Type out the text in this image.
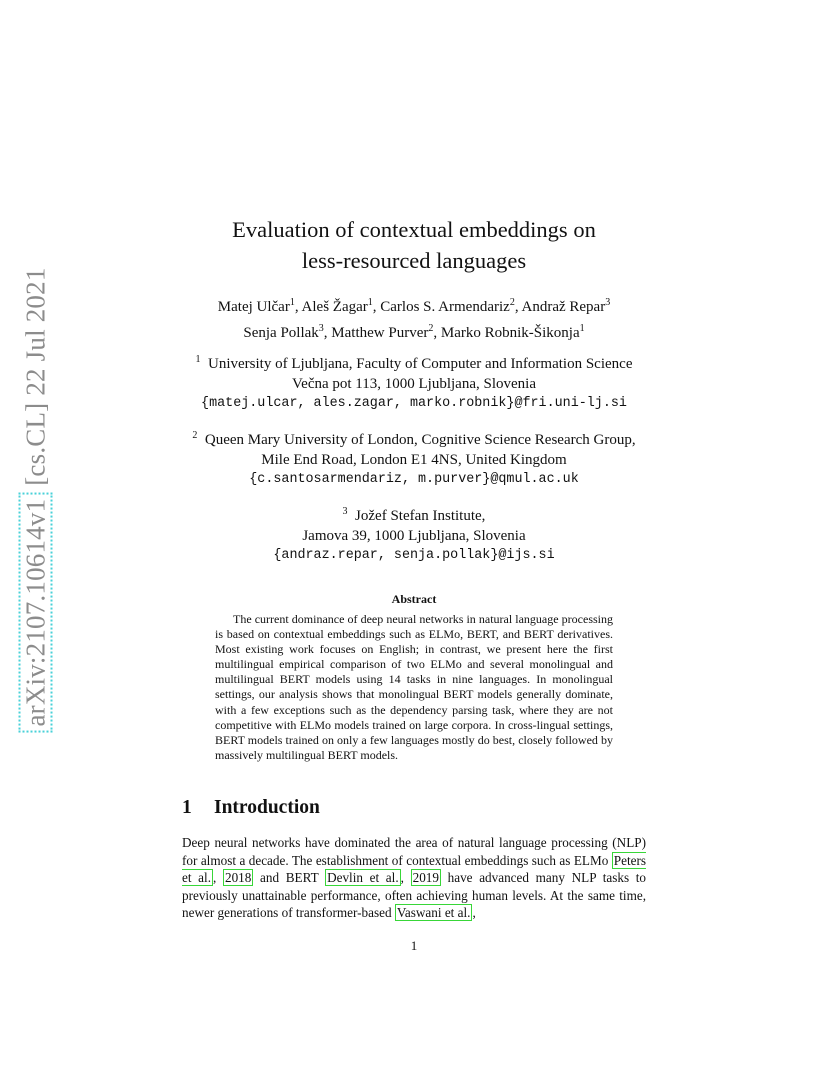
arXiv:2107.10614v1 [cs.CL] 22 Jul 2021
Evaluation of contextual embeddings on
less-resourced languages
Matej Ulčar$^1$, Aleš Žagar$^1$, Carlos S. Armendariz$^2$, Andraž Repar$^3$
Senja Pollak$^3$, Matthew Purver$^2$, Marko Robnik-Šikonja$^1$
$^1$ University of Ljubljana, Faculty of Computer and Information Science
Večna pot 113, 1000 Ljubljana, Slovenia
{matej.ulcar, ales.zagar, marko.robnik}@fri.uni-lj.si
$^2$ Queen Mary University of London, Cognitive Science Research Group,
Mile End Road, London E1 4NS, United Kingdom
{c.santosarmendariz, m.purver}@qmul.ac.uk
$^3$ Jožef Stefan Institute,
Jamova 39, 1000 Ljubljana, Slovenia
{andraz.repar, senja.pollak}@ijs.si
Abstract
The current dominance of deep neural networks in natural language processing is based on contextual embeddings such as ELMo, BERT, and BERT derivatives. Most existing work focuses on English; in contrast, we present here the first multilingual empirical comparison of two ELMo and several monolingual and multilingual BERT models using 14 tasks in nine languages. In monolingual settings, our analysis shows that monolingual BERT models generally dominate, with a few exceptions such as the dependency parsing task, where they are not competitive with ELMo models trained on large corpora. In cross-lingual settings, BERT models trained on only a few languages mostly do best, closely followed by massively multilingual BERT models.
1 Introduction
Deep neural networks have dominated the area of natural language processing (NLP) for almost a decade. The establishment of contextual embeddings such as ELMo Peters et al. , 2018 and BERT Devlin et al. , 2019 have advanced many NLP tasks to previously unattainable performance, often achieving human levels. At the same time, newer generations of transformer-based Vaswani et al. ,
1
